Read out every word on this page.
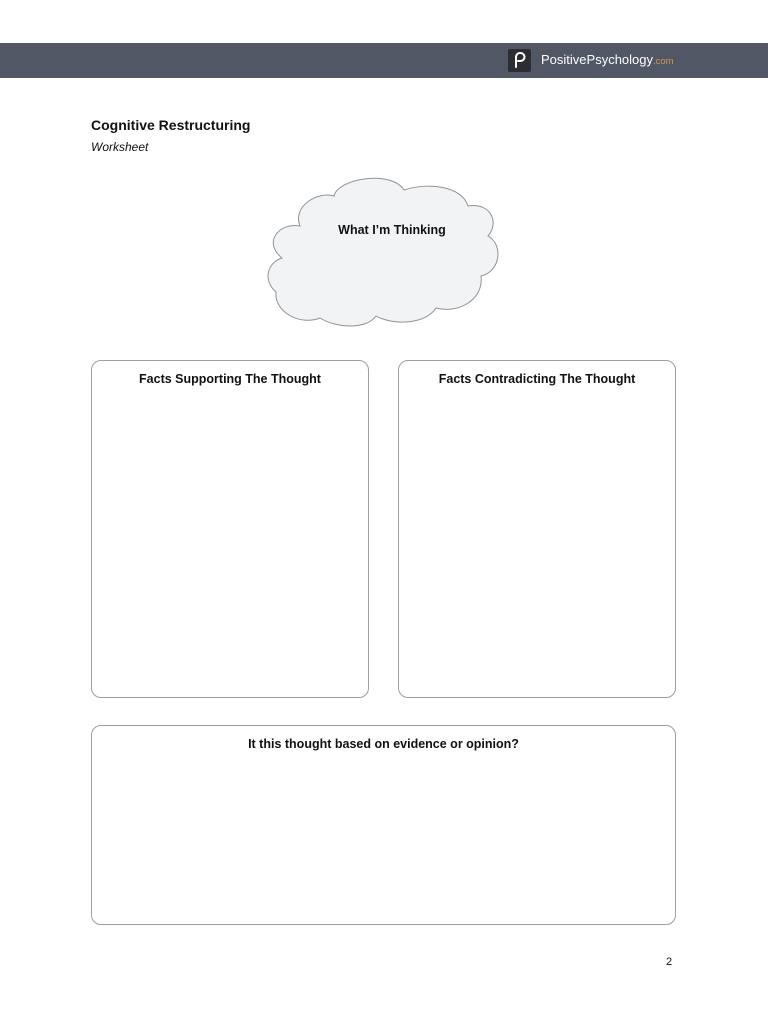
PositivePsychology.com
Cognitive Restructuring
Worksheet
What I’m Thinking
Facts Supporting The Thought	Facts Contradicting The Thought
It this thought based on evidence or opinion?
2
